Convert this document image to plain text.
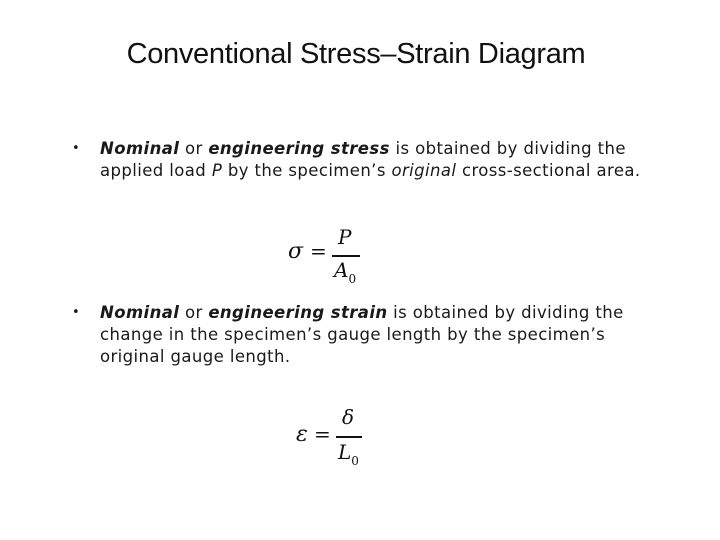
Conventional Stress–Strain Diagram
•	Nominal or engineering stress is obtained by dividing the applied load P by the specimen’s original cross-sectional area.
σ =
P
$A_0$
•	Nominal or engineering strain is obtained by dividing the change in the specimen’s gauge length by the specimen’s original gauge length.
ε =
δ
$L_0$
